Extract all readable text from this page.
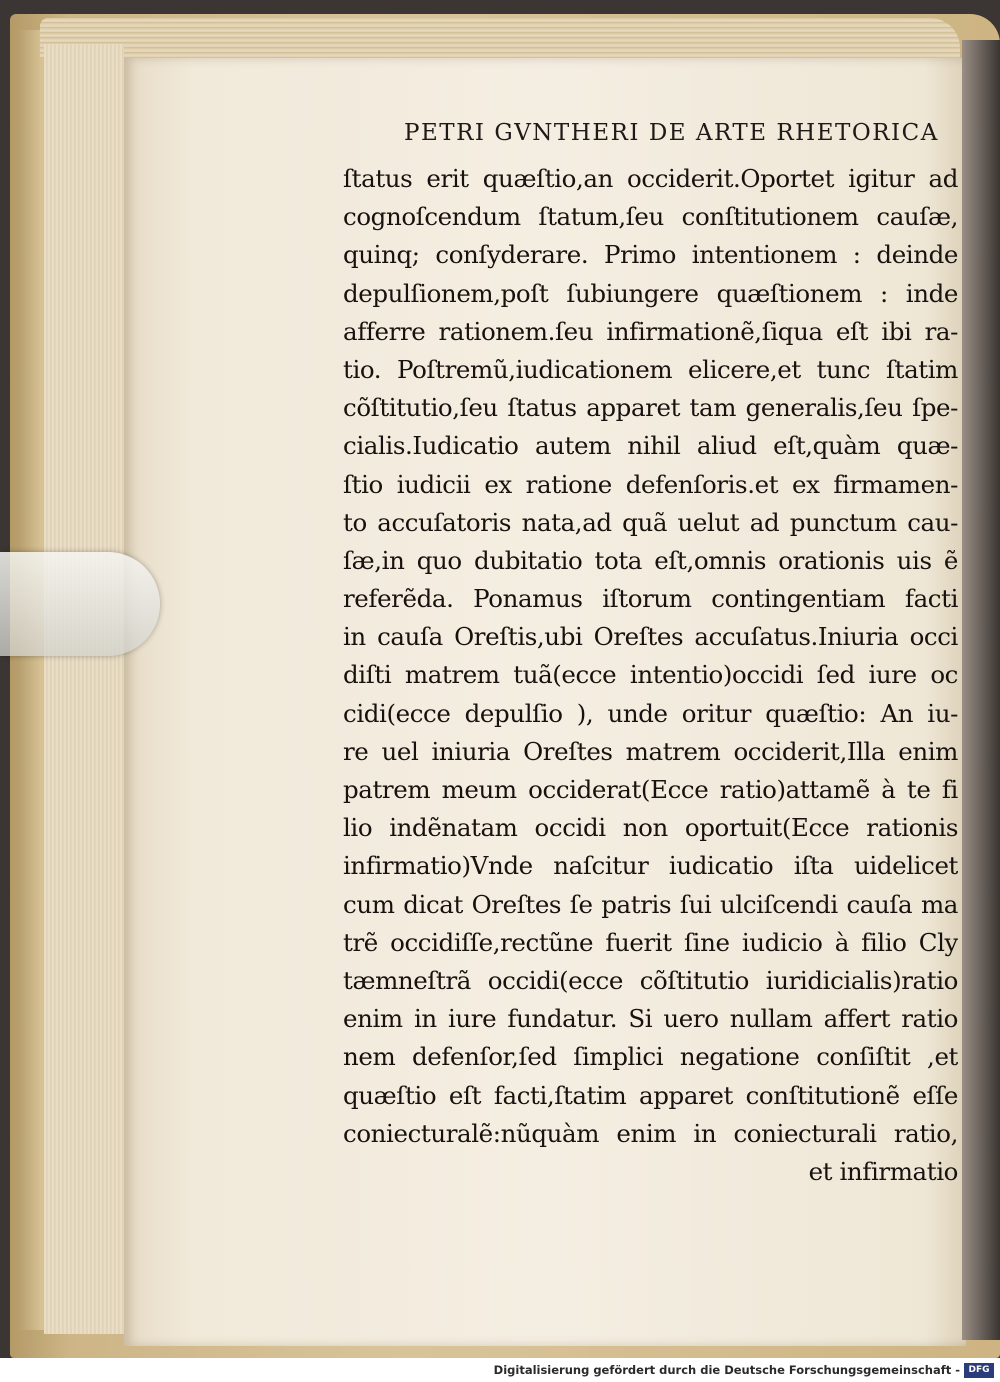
PETRI GVNTHERI DE ARTE RHETORICA
ſtatus erit quæſtio,an occiderit.Oportet igitur ad
cognoſcendum ſtatum,ſeu conſtitutionem cauſæ,
quinq; conſyderare. Primo intentionem : deinde
depulſionem,poſt ſubiungere quæſtionem : inde
afferre rationem.ſeu infirmationẽ,ſiqua eſt ibi ra-
tio. Poſtremũ,iudicationem elicere,et tunc ſtatim
cõſtitutio,ſeu ſtatus apparet tam generalis,ſeu ſpe-
cialis.Iudicatio autem nihil aliud eſt,quàm quæ-
ſtio iudicii ex ratione defenſoris.et ex firmamen-
to accuſatoris nata,ad quã uelut ad punctum cau-
ſæ,in quo dubitatio tota eſt,omnis orationis uis ẽ
referẽda. Ponamus iſtorum contingentiam facti
in cauſa Oreſtis,ubi Oreſtes accuſatus.Iniuria occi
diſti matrem tuã(ecce intentio)occidi ſed iure oc
cidi(ecce depulſio ), unde oritur quæſtio: An iu-
re uel iniuria Oreſtes matrem occiderit,Illa enim
patrem meum occiderat(Ecce ratio)attamẽ à te fi
lio indẽnatam occidi non oportuit(Ecce rationis
infirmatio)Vnde naſcitur iudicatio iſta uidelicet
cum dicat Oreſtes ſe patris ſui ulciſcendi cauſa ma
trẽ occidiſſe,rectũne fuerit ſine iudicio à filio Cly
tæmneſtrã occidi(ecce cõſtitutio iuridicialis)ratio
enim in iure fundatur. Si uero nullam affert ratio
nem defenſor,ſed ſimplici negatione conſiſtit ,et
quæſtio eſt facti,ſtatim apparet conſtitutionẽ eſſe
coniecturalẽ:nũquàm enim in coniecturali ratio,
et infirmatio
Digitalisierung gefördert durch die Deutsche Forschungsgemeinschaft - DFG
